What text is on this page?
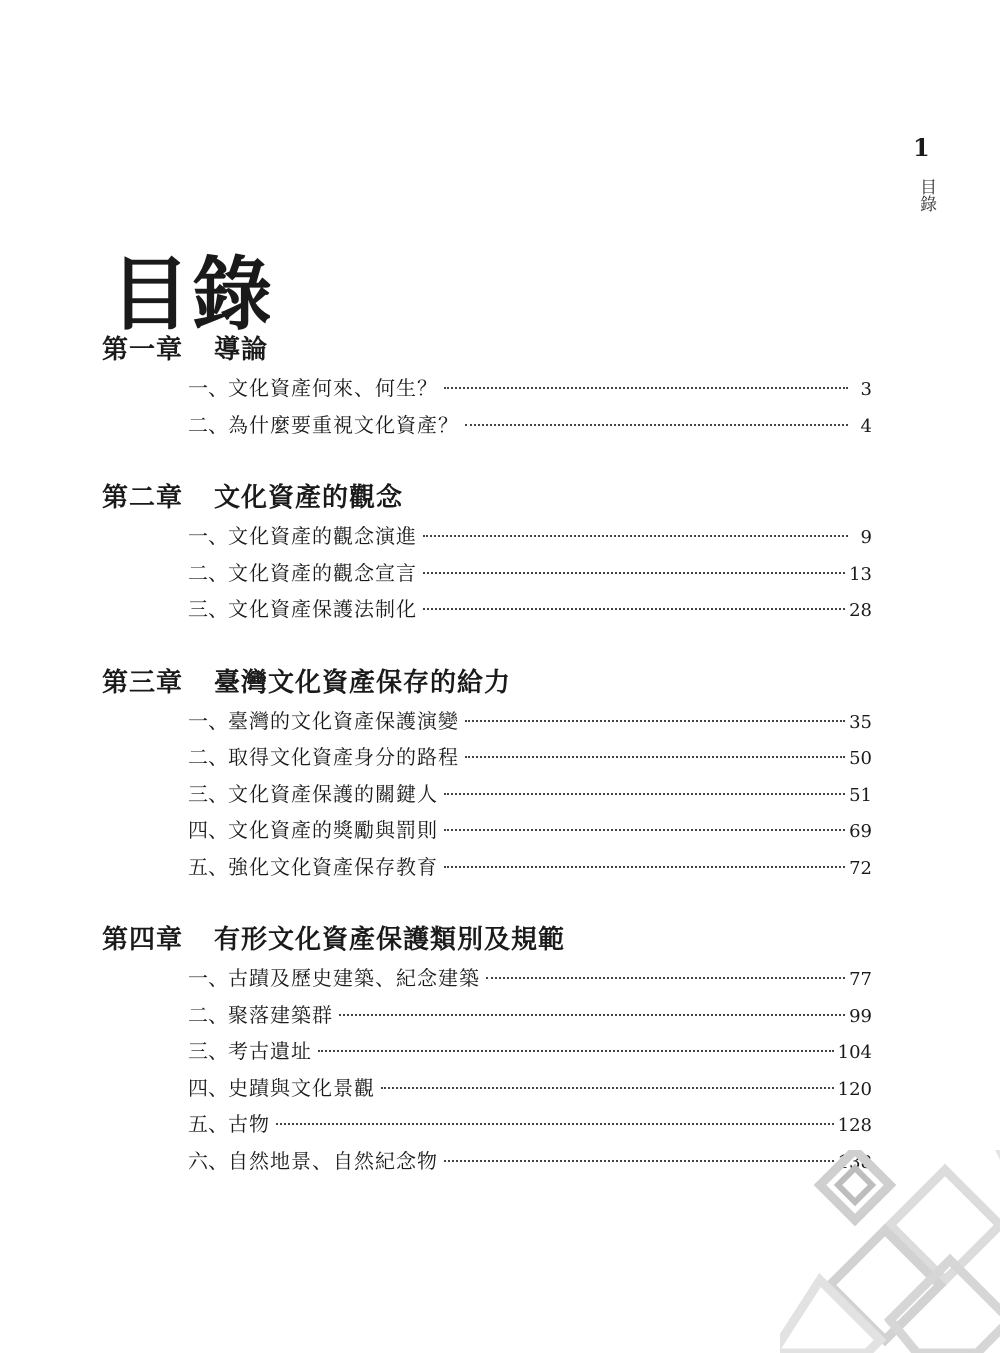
1
目錄
目錄
第一章	導論
一、 文化資產何來、何生？	3
二、 為什麼要重視文化資產？	4
第二章	文化資產的觀念
一、 文化資產的觀念演進	9
二、 文化資產的觀念宣言	13
三、 文化資產保護法制化	28
第三章	臺灣文化資產保存的給力
一、 臺灣的文化資產保護演變	35
二、 取得文化資產身分的路程	50
三、 文化資產保護的關鍵人	51
四、 文化資產的獎勵與罰則	69
五、 強化文化資產保存教育	72
第四章	有形文化資產保護類別及規範
一、 古蹟及歷史建築、紀念建築	77
二、 聚落建築群	99
三、 考古遺址	104
四、 史蹟與文化景觀	120
五、 古物	128
六、 自然地景、自然紀念物	138
